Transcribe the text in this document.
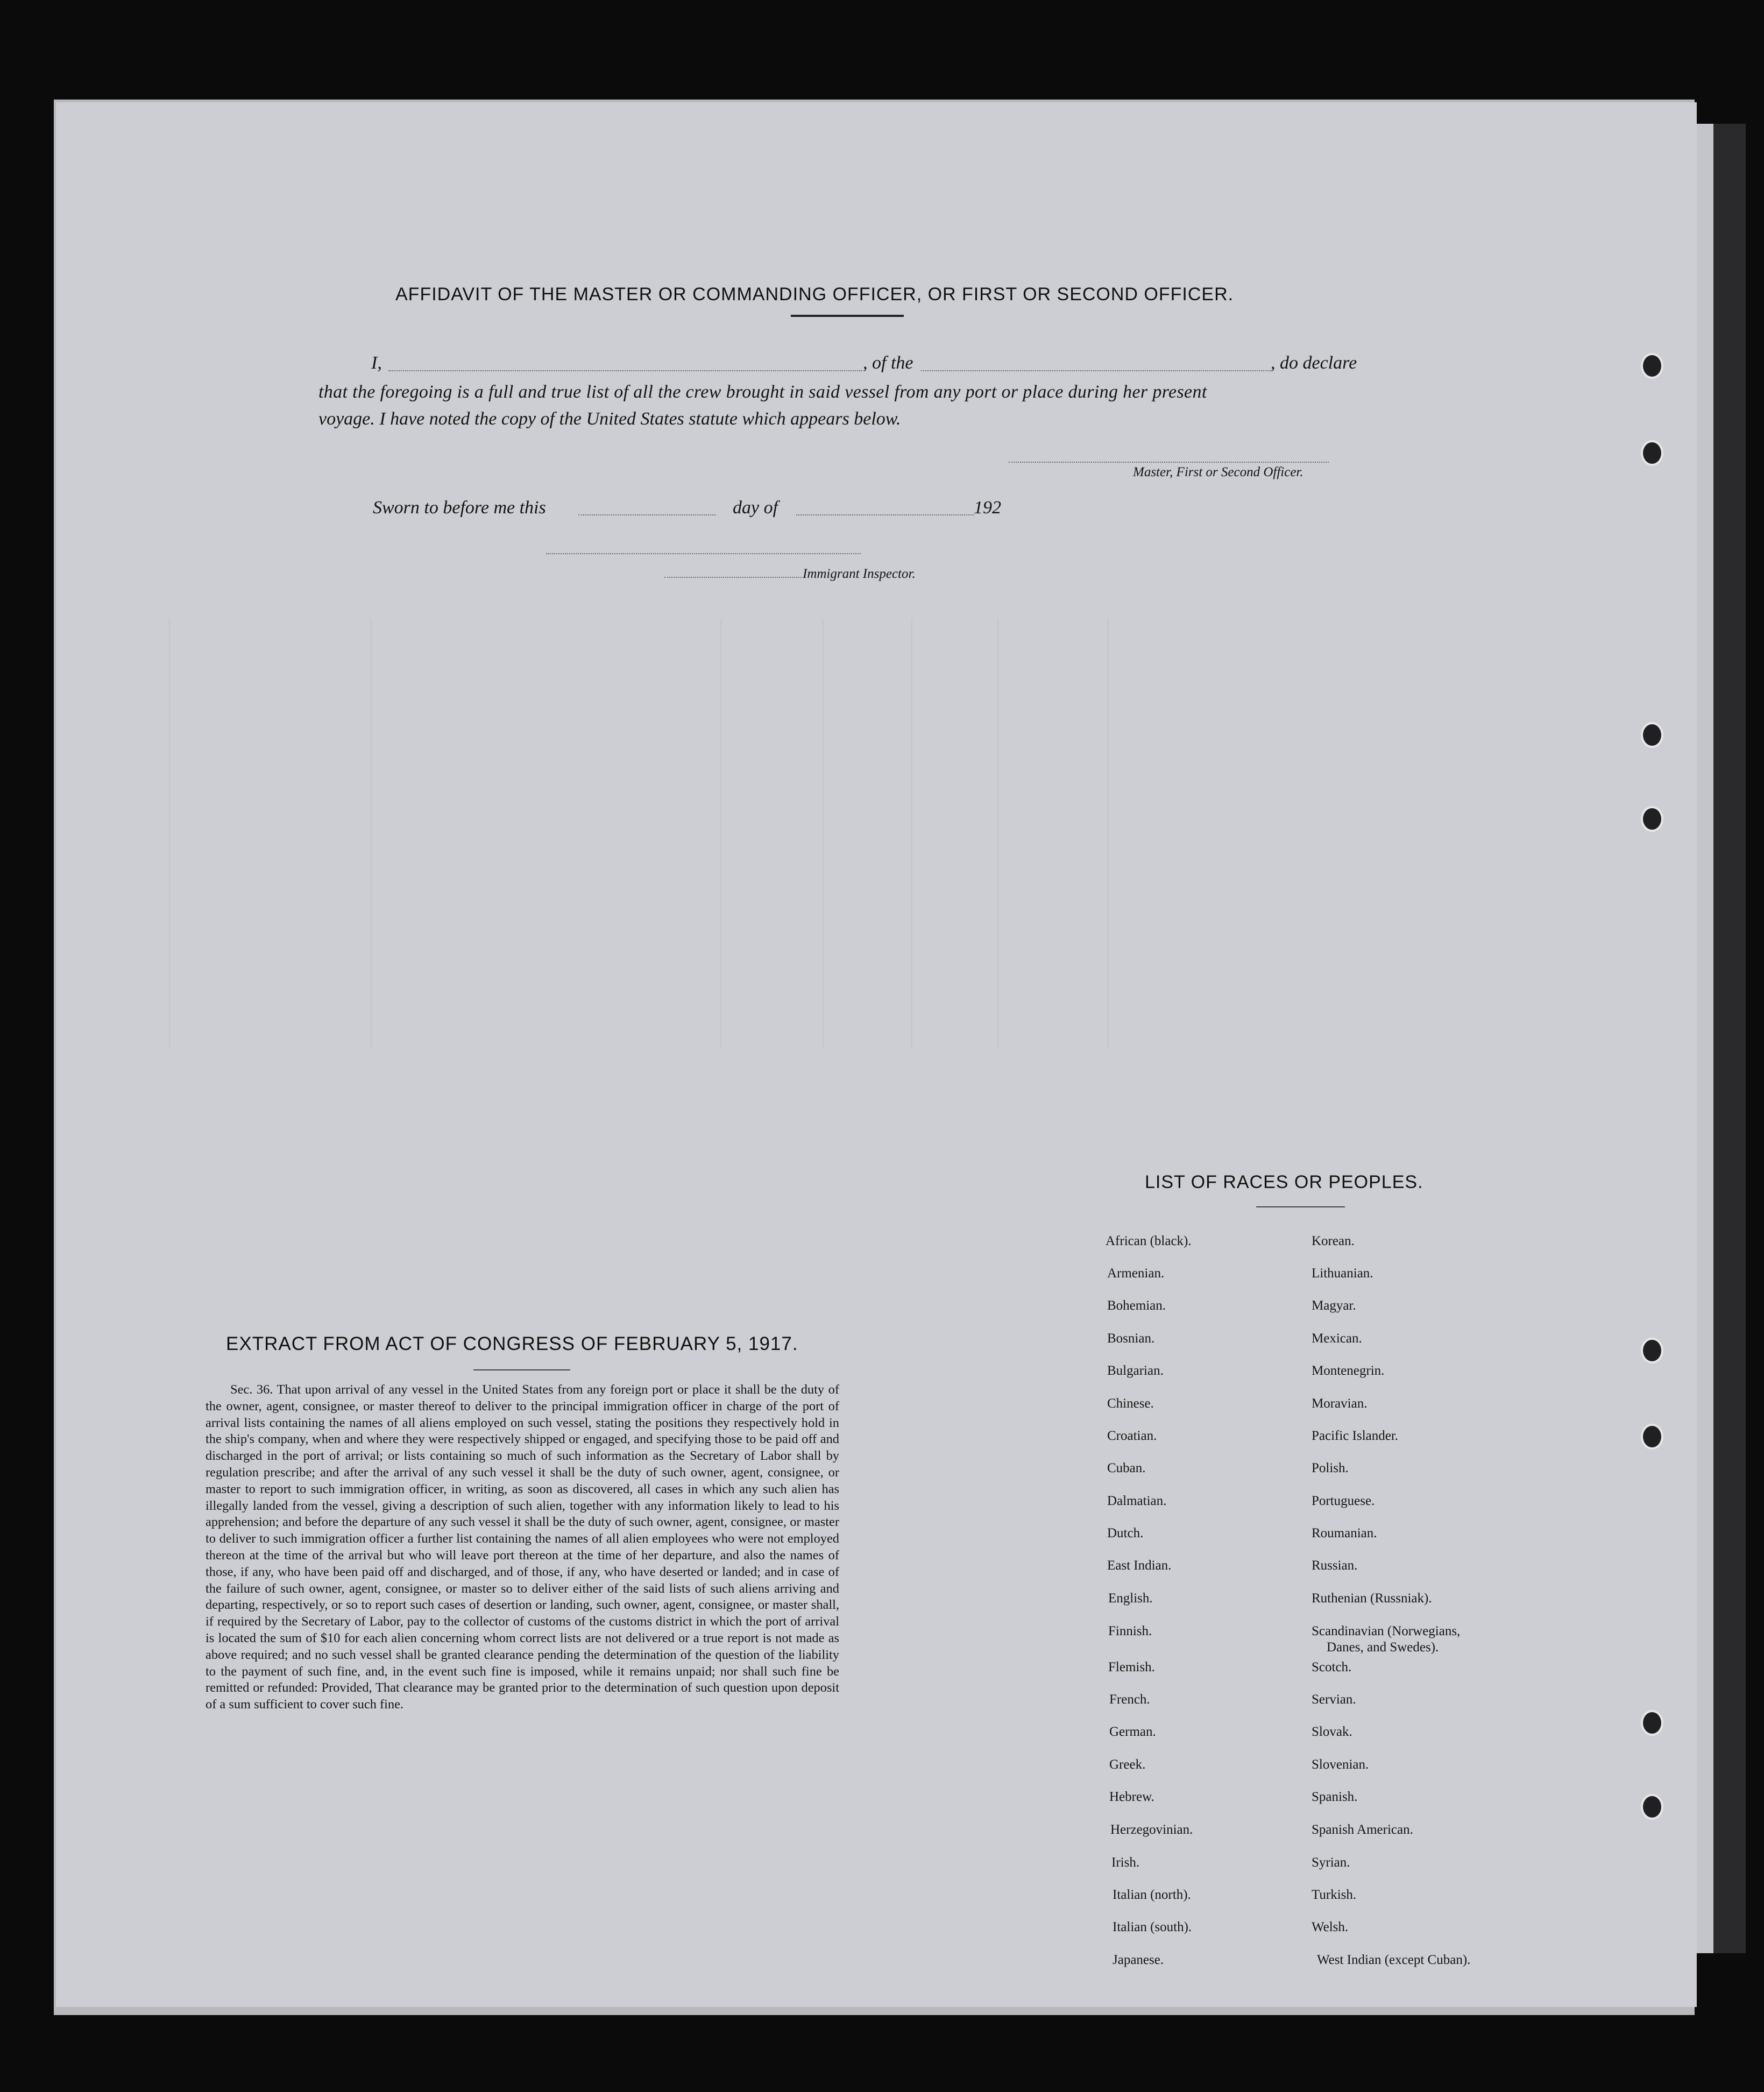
AFFIDAVIT OF THE MASTER OR COMMANDING OFFICER, OR FIRST OR SECOND OFFICER.
I,	, of the	, do declare
that the foregoing is a full and true list of all the crew brought in said vessel from any port or place during her present
voyage. I have noted the copy of the United States statute which appears below.
Master, First or Second Officer.
Sworn to before me this	day of	192
Immigrant Inspector.
EXTRACT FROM ACT OF CONGRESS OF FEBRUARY 5, 1917.

Sec. 36. That upon arrival of any vessel in the United States from any foreign port or place it shall be the duty of the owner, agent, consignee, or master thereof to deliver to the principal immigration officer in charge of the port of arrival lists containing the names of all aliens employed on such vessel, stating the positions they respectively hold in the ship's company, when and where they were respectively shipped or engaged, and specifying those to be paid off and discharged in the port of arrival; or lists containing so much of such information as the Secretary of Labor shall by regulation prescribe; and after the arrival of any such vessel it shall be the duty of such owner, agent, consignee, or master to report to such immigration officer, in writing, as soon as discovered, all cases in which any such alien has illegally landed from the vessel, giving a description of such alien, together with any information likely to lead to his apprehension; and before the departure of any such vessel it shall be the duty of such owner, agent, consignee, or master to deliver to such immigration officer a further list containing the names of all alien employees who were not employed thereon at the time of the arrival but who will leave port thereon at the time of her departure, and also the names of those, if any, who have been paid off and discharged, and of those, if any, who have deserted or landed; and in case of the failure of such owner, agent, consignee, or master so to deliver either of the said lists of such aliens arriving and departing, respectively, or so to report such cases of desertion or landing, such owner, agent, consignee, or master shall, if required by the Secretary of Labor, pay to the collector of customs of the customs district in which the port of arrival is located the sum of $10 for each alien concerning whom correct lists are not delivered or a true report is not made as above required; and no such vessel shall be granted clearance pending the determination of the question of the liability to the payment of such fine, and, in the event such fine is imposed, while it remains unpaid; nor shall such fine be remitted or refunded: Provided, That clearance may be granted prior to the determination of such question upon deposit of a sum sufficient to cover such fine.

LIST OF RACES OR PEOPLES.
African (black).
Armenian.
Bohemian.
Bosnian.
Bulgarian.
Chinese.
Croatian.
Cuban.
Dalmatian.
Dutch.
East Indian.
English.
Finnish.
Flemish.
French.
German.
Greek.
Hebrew.
Herzegovinian.
Irish.
Italian (north).
Italian (south).
Japanese.
Korean.
Lithuanian.
Magyar.
Mexican.
Montenegrin.
Moravian.
Pacific Islander.
Polish.
Portuguese.
Roumanian.
Russian.
Ruthenian (Russniak).
Scandinavian (Norwegians,
Danes, and Swedes).
Scotch.
Servian.
Slovak.
Slovenian.
Spanish.
Spanish American.
Syrian.
Turkish.
Welsh.
West Indian (except Cuban).
